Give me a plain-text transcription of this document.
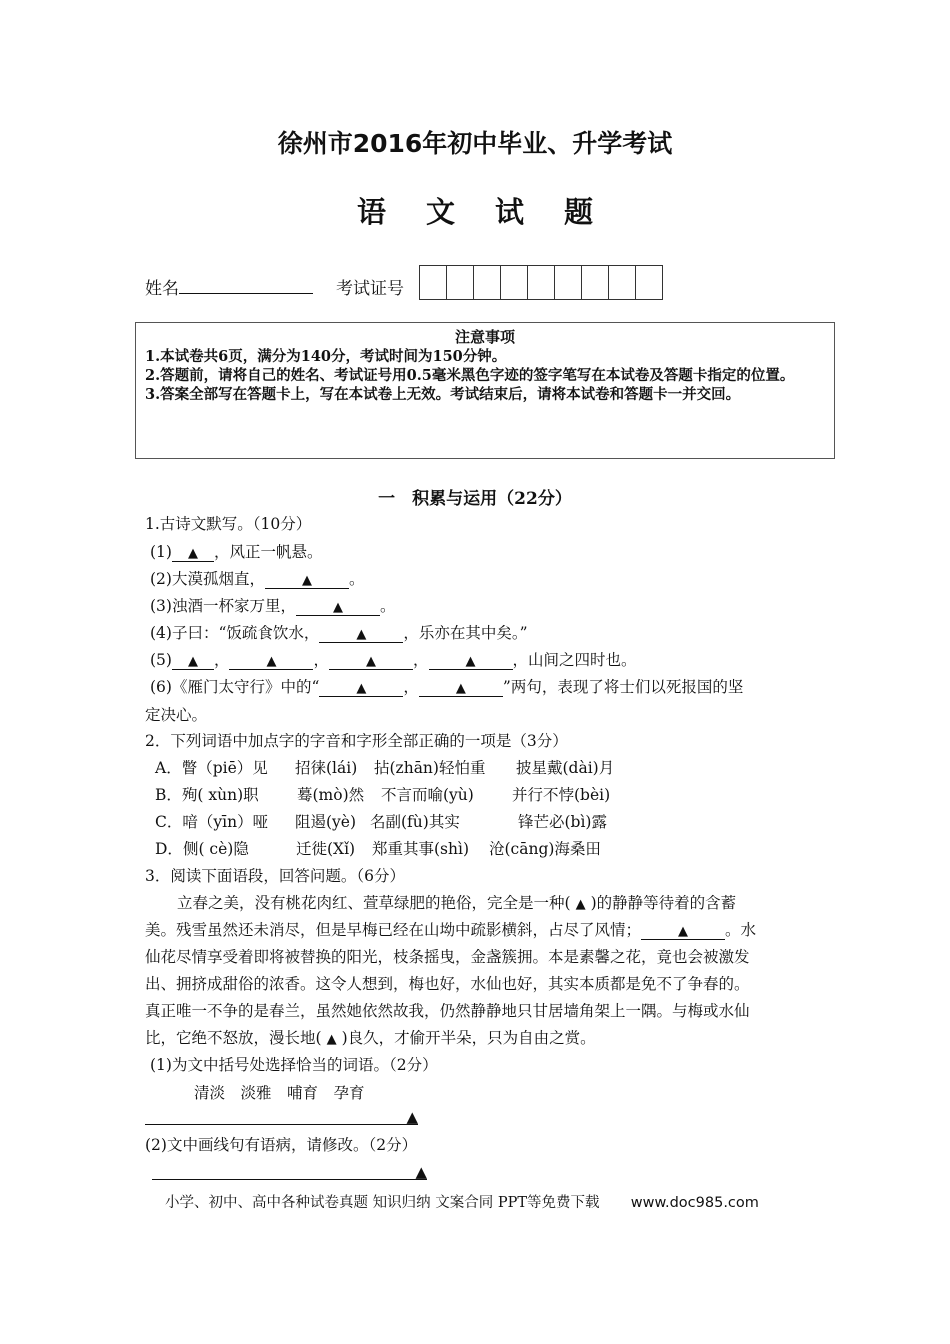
徐州市2016年初中毕业、升学考试
语文试题
姓名	考试证号
注意事项
1.本试卷共6页，满分为140分，考试时间为150分钟。
2.答题前，请将自己的姓名、考试证号用0.5毫米黑色字迹的签字笔写在本试卷及答题卡指定的位置。
3.答案全部写在答题卡上，写在本试卷上无效。考试结束后，请将本试卷和答题卡一并交回。
一　积累与运用（22分）
1.古诗文默写。（10分）
(1) ▲ ，风正一帆悬。
(2)大漠孤烟直，	▲ 。
(3)浊酒一杯家万里，	▲ 。
(4)子曰：“饭疏食饮水，	▲ ，乐亦在其中矣。”
(5) ▲ ，	▲ ，	▲ ，	▲ ，山间之四时也。
(6)《雁门太守行》中的“	▲ ，	▲ ”两句，表现了将士们以死报国的坚
定决心。
2．下列词语中加点字的字音和字形全部正确的一项是（3分）
A．瞥（piē）见 招徕(lái) 拈(zhān)轻怕重 披星戴(dài)月
B．殉( xùn)职 蓦(mò)然 不言而喻(yù) 并行不悖(bèi)
C．喑（yīn）哑 阻遏(yè) 名副(fù)其实	锋芒必(bì)露
D．侧( cè)隐	迁徙(Xǐ) 郑重其事(shì) 沧(cāng)海桑田
3．阅读下面语段，回答问题。（6分）
立春之美，没有桃花肉红、萱草绿肥的艳俗，完全是一种( ▲ )的静静等待着的含蓄
美。残雪虽然还未消尽，但是早梅已经在山坳中疏影横斜，占尽了风情；	▲ 。水
仙花尽情享受着即将被替换的阳光，枝条摇曳，金盏簇拥。本是素馨之花，竟也会被激发
出、拥挤成甜俗的浓香。这令人想到，梅也好，水仙也好，其实本质都是免不了争春的。
真正唯一不争的是春兰，虽然她依然故我，仍然静静地只甘居墙角架上一隅。与梅或水仙
比，它绝不怒放，漫长地( ▲ )良久，才偷开半朵，只为自由之赏。
(1)为文中括号处选择恰当的词语。（2分）
清淡　淡雅　哺育　孕育
▲
(2)文中画线句有语病，请修改。（2分）
▲
小学、初中、高中各种试卷真题 知识归纳 文案合同 PPT等免费下载 www.doc985.com
